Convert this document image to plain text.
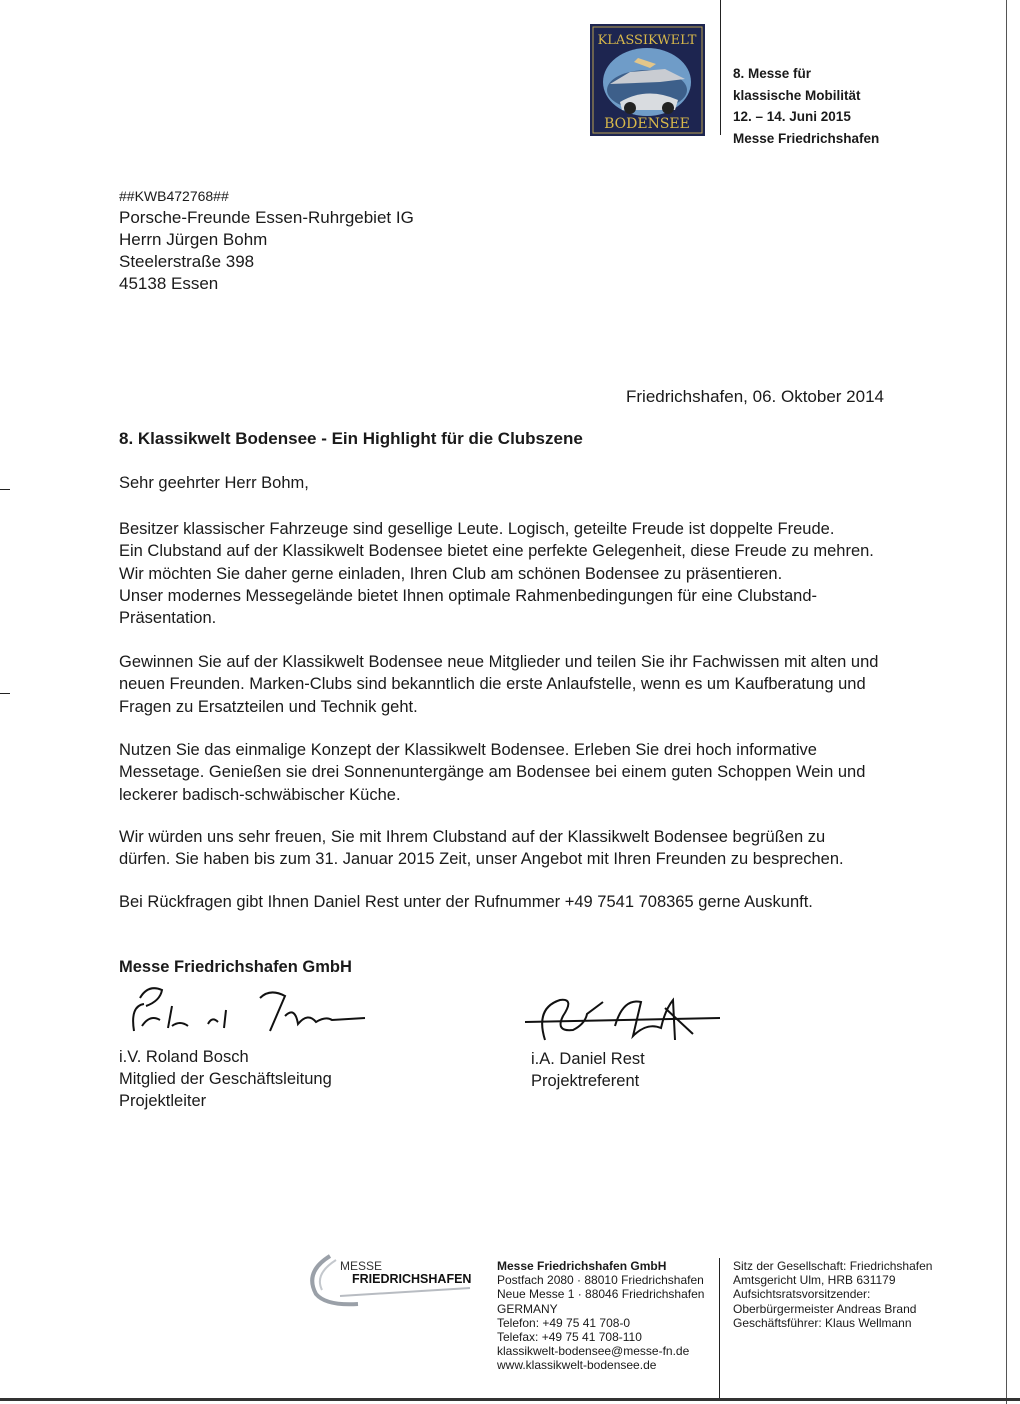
KLASSIKWELT
BODENSEE
8. Messe für
klassische Mobilität
12. – 14. Juni 2015
Messe Friedrichshafen
##KWB472768##
Porsche-Freunde Essen-Ruhrgebiet IG
Herrn Jürgen Bohm
Steelerstraße 398
45138 Essen
Friedrichshafen, 06. Oktober 2014
8. Klassikwelt Bodensee - Ein Highlight für die Clubszene
Sehr geehrter Herr Bohm,
Besitzer klassischer Fahrzeuge sind gesellige Leute. Logisch, geteilte Freude ist doppelte Freude.
Ein Clubstand auf der Klassikwelt Bodensee bietet eine perfekte Gelegenheit, diese Freude zu mehren.
Wir möchten Sie daher gerne einladen, Ihren Club am schönen Bodensee zu präsentieren.
Unser modernes Messegelände bietet Ihnen optimale Rahmenbedingungen für eine Clubstand-
Präsentation.
Gewinnen Sie auf der Klassikwelt Bodensee neue Mitglieder und teilen Sie ihr Fachwissen mit alten und
neuen Freunden. Marken-Clubs sind bekanntlich die erste Anlaufstelle, wenn es um Kaufberatung und
Fragen zu Ersatzteilen und Technik geht.
Nutzen Sie das einmalige Konzept der Klassikwelt Bodensee. Erleben Sie drei hoch informative
Messetage. Genießen sie drei Sonnenuntergänge am Bodensee bei einem guten Schoppen Wein und
leckerer badisch-schwäbischer Küche.
Wir würden uns sehr freuen, Sie mit Ihrem Clubstand auf der Klassikwelt Bodensee begrüßen zu
dürfen. Sie haben bis zum 31. Januar 2015 Zeit, unser Angebot mit Ihren Freunden zu besprechen.
Bei Rückfragen gibt Ihnen Daniel Rest unter der Rufnummer +49 7541 708365 gerne Auskunft.
Messe Friedrichshafen GmbH
i.V. Roland Bosch
Mitglied der Geschäftsleitung
Projektleiter
i.A. Daniel Rest
Projektreferent
MESSE
FRIEDRICHSHAFEN
Messe Friedrichshafen GmbH
Postfach 2080 · 88010 Friedrichshafen
Neue Messe 1 · 88046 Friedrichshafen
GERMANY
Telefon: +49 75 41 708-0
Telefax: +49 75 41 708-110
klassikwelt-bodensee@messe-fn.de
www.klassikwelt-bodensee.de
Sitz der Gesellschaft: Friedrichshafen
Amtsgericht Ulm, HRB 631179
Aufsichtsratsvorsitzender:
Oberbürgermeister Andreas Brand
Geschäftsführer: Klaus Wellmann
